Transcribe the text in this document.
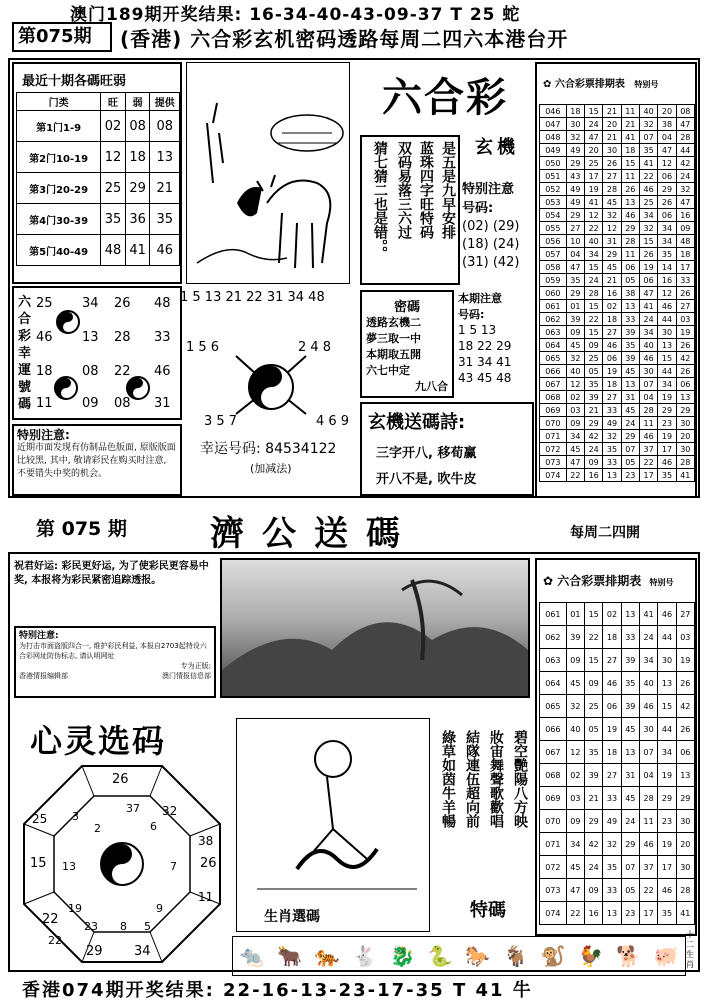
澳门189期开奖结果: 16-34-40-43-09-37 T 25 蛇
第075期	(香港) 六合彩玄机密码透路每周二四六本港台开
最近十期各碼旺弱
门类	旺	弱	提供
第1门1-9	02	08	08
第2门10-19	12	18	13
第3门20-29	25	29	21
第4门30-39	35	36	35
第5门40-49	48	41	46
六合彩
玄機
是五是九早安排
蓝珠四字旺特码
双码易落三六过
猜七猜二也是错。。	特别注意
号码:
(02) (29)
(18) (24)
(31) (42)
✿ 六合彩票排期表 特别号
046	18	15	21	11	40	20	08
047	30	24	20	21	32	38	47
048	32	47	21	41	07	04	28
049	49	20	30	18	35	47	44
050	29	25	26	15	41	12	42
051	43	17	27	11	22	06	24
052	49	19	28	26	46	29	32
053	49	41	45	13	25	26	47
054	29	12	32	46	34	06	16
055	27	22	12	29	32	34	09
056	10	40	31	28	15	34	48
057	04	34	29	11	26	35	18
058	47	15	45	06	19	14	17
059	35	24	21	05	06	16	33
060	29	28	16	38	47	12	26
061	01	15	02	13	41	46	27
062	39	22	18	33	24	44	03
063	09	15	27	39	34	30	19
064	45	09	46	35	40	13	26
065	32	25	06	39	46	15	42
066	40	05	19	45	30	44	26
067	12	35	18	13	07	34	06
068	02	39	27	31	04	19	13
069	03	21	33	45	28	29	29
070	09	29	49	24	11	23	30
071	34	42	32	29	46	19	20
072	45	24	35	07	37	17	30
073	47	09	33	05	22	46	28
074	22	16	13	23	17	35	41
六合彩幸運號碼
25 34 26 48
46 13 28 33
18 08 22 46
11 09 08 31
1 5 13 21 22 31 34 48
1 5 6	2 4 8
3 5 7	4 6 9
密碼
透路玄機二
夢三取一中
本期取五開
六七中定
九八合
本期注意
号码:
1 5 13
18 22 29
31 34 41
43 45 48
玄機送碼詩:
三字开八, 移荀赢
开八不是, 吹牛皮
特别注意:
近期市面发现有仿制品色版面, 原版版面比较黑, 其中, 敬请彩民在购买时注意, 不要错失中奖的机会。
幸运号码: 84534122
(加减法)
第 075 期 濟公送碼	每周二四開
祝君好运: 彩民更好运, 为了使彩民更容易中奖, 本报将为彩民紧密追踪透报。
特别注意:
为打击市面盗版四合一, 维护彩民利益, 本报自2703起特设六合彩网址防伪标志, 请认明网址
专为正版:
香港情报编辑部	澳门情报信息部
心灵选码
26
32
38
26
11
34
29
22
15
25 3
6
7
9
37
13
19
22
23 8 5
2
生肖選碼
碧空艷陽八方映
妝宙舞聲歌歡唱
結隊連伍超向前
綠草如茵牛羊暢
特碼
✿ 六合彩票排期表 特别号
061	01	15	02	13	41	46	27
062	39	22	18	33	24	44	03
063	09	15	27	39	34	30	19
064	45	09	46	35	40	13	26
065	32	25	06	39	46	15	42
066	40	05	19	45	30	44	26
067	12	35	18	13	07	34	06
068	02	39	27	31	04	19	13
069	03	21	33	45	28	29	29
070	09	29	49	24	11	23	30
071	34	42	32	29	46	19	20
072	45	24	35	07	37	17	30
073	47	09	33	05	22	46	28
074	22	16	13	23	17	35	41
🐀 🐂 🐅 🐇 🐉 🐍 🐎 🐐 🐒 🐓 🐕 🐖
十二生肖
香港074期开奖结果: 22-16-13-23-17-35 T 41 牛
